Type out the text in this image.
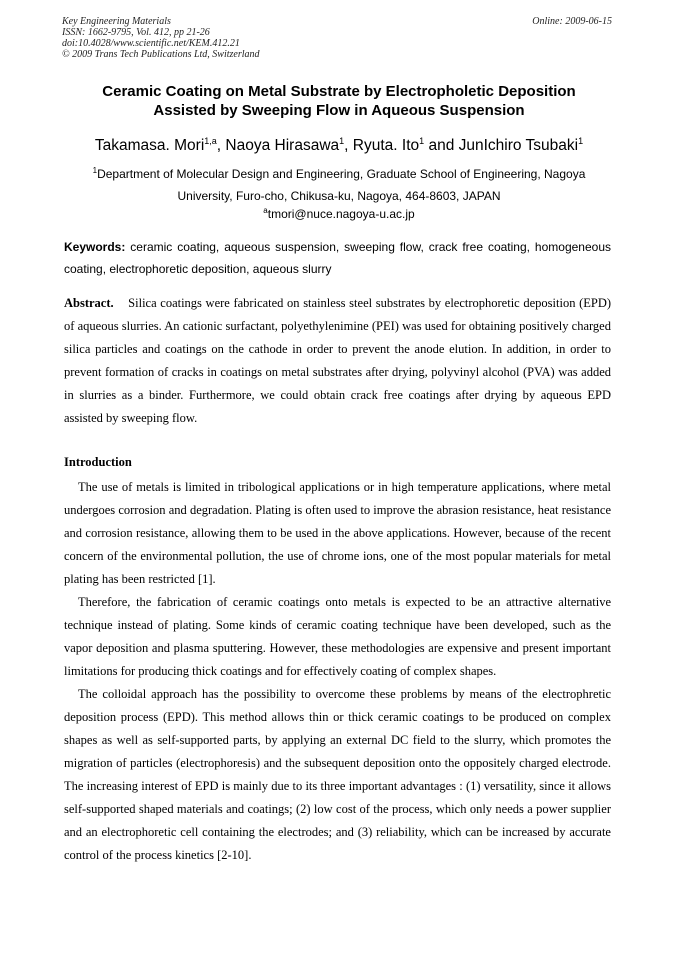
Key Engineering Materials
ISSN: 1662-9795, Vol. 412, pp 21-26
doi:10.4028/www.scientific.net/KEM.412.21
© 2009 Trans Tech Publications Ltd, Switzerland
Online: 2009-06-15
Ceramic Coating on Metal Substrate by Electropholetic Deposition
Assisted by Sweeping Flow in Aqueous Suspension
Takamasa. Mori$^{1,a}$, Naoya Hirasawa$^1$, Ryuta. Ito$^1$ and JunIchiro Tsubaki$^1$
$^1$Department of Molecular Design and Engineering, Graduate School of Engineering, Nagoya
University, Furo-cho, Chikusa-ku, Nagoya, 464-8603, JAPAN
$^a$tmori@nuce.nagoya-u.ac.jp
Keywords: ceramic coating, aqueous suspension, sweeping flow, crack free coating, homogeneous coating, electrophoretic deposition, aqueous slurry
Abstract. Silica coatings were fabricated on stainless steel substrates by electrophoretic deposition (EPD) of aqueous slurries. An cationic surfactant, polyethylenimine (PEI) was used for obtaining positively charged silica particles and coatings on the cathode in order to prevent the anode elution. In addition, in order to prevent formation of cracks in coatings on metal substrates after drying, polyvinyl alcohol (PVA) was added in slurries as a binder. Furthermore, we could obtain crack free coatings after drying by aqueous EPD assisted by sweeping flow.
Introduction

The use of metals is limited in tribological applications or in high temperature applications, where metal undergoes corrosion and degradation. Plating is often used to improve the abrasion resistance, heat resistance and corrosion resistance, allowing them to be used in the above applications. However, because of the recent concern of the environmental pollution, the use of chrome ions, one of the most popular materials for metal plating has been restricted [1].

Therefore, the fabrication of ceramic coatings onto metals is expected to be an attractive alternative technique instead of plating. Some kinds of ceramic coating technique have been developed, such as the vapor deposition and plasma sputtering. However, these methodologies are expensive and present important limitations for producing thick coatings and for effectively coating of complex shapes.

The colloidal approach has the possibility to overcome these problems by means of the electrophretic deposition process (EPD). This method allows thin or thick ceramic coatings to be produced on complex shapes as well as self-supported parts, by applying an external DC field to the slurry, which promotes the migration of particles (electrophoresis) and the subsequent deposition onto the oppositely charged electrode. The increasing interest of EPD is mainly due to its three important advantages : (1) versatility, since it allows self-supported shaped materials and coatings; (2) low cost of the process, which only needs a power supplier and an electrophoretic cell containing the electrodes; and (3) reliability, which can be increased by accurate control of the process kinetics [2-10].
